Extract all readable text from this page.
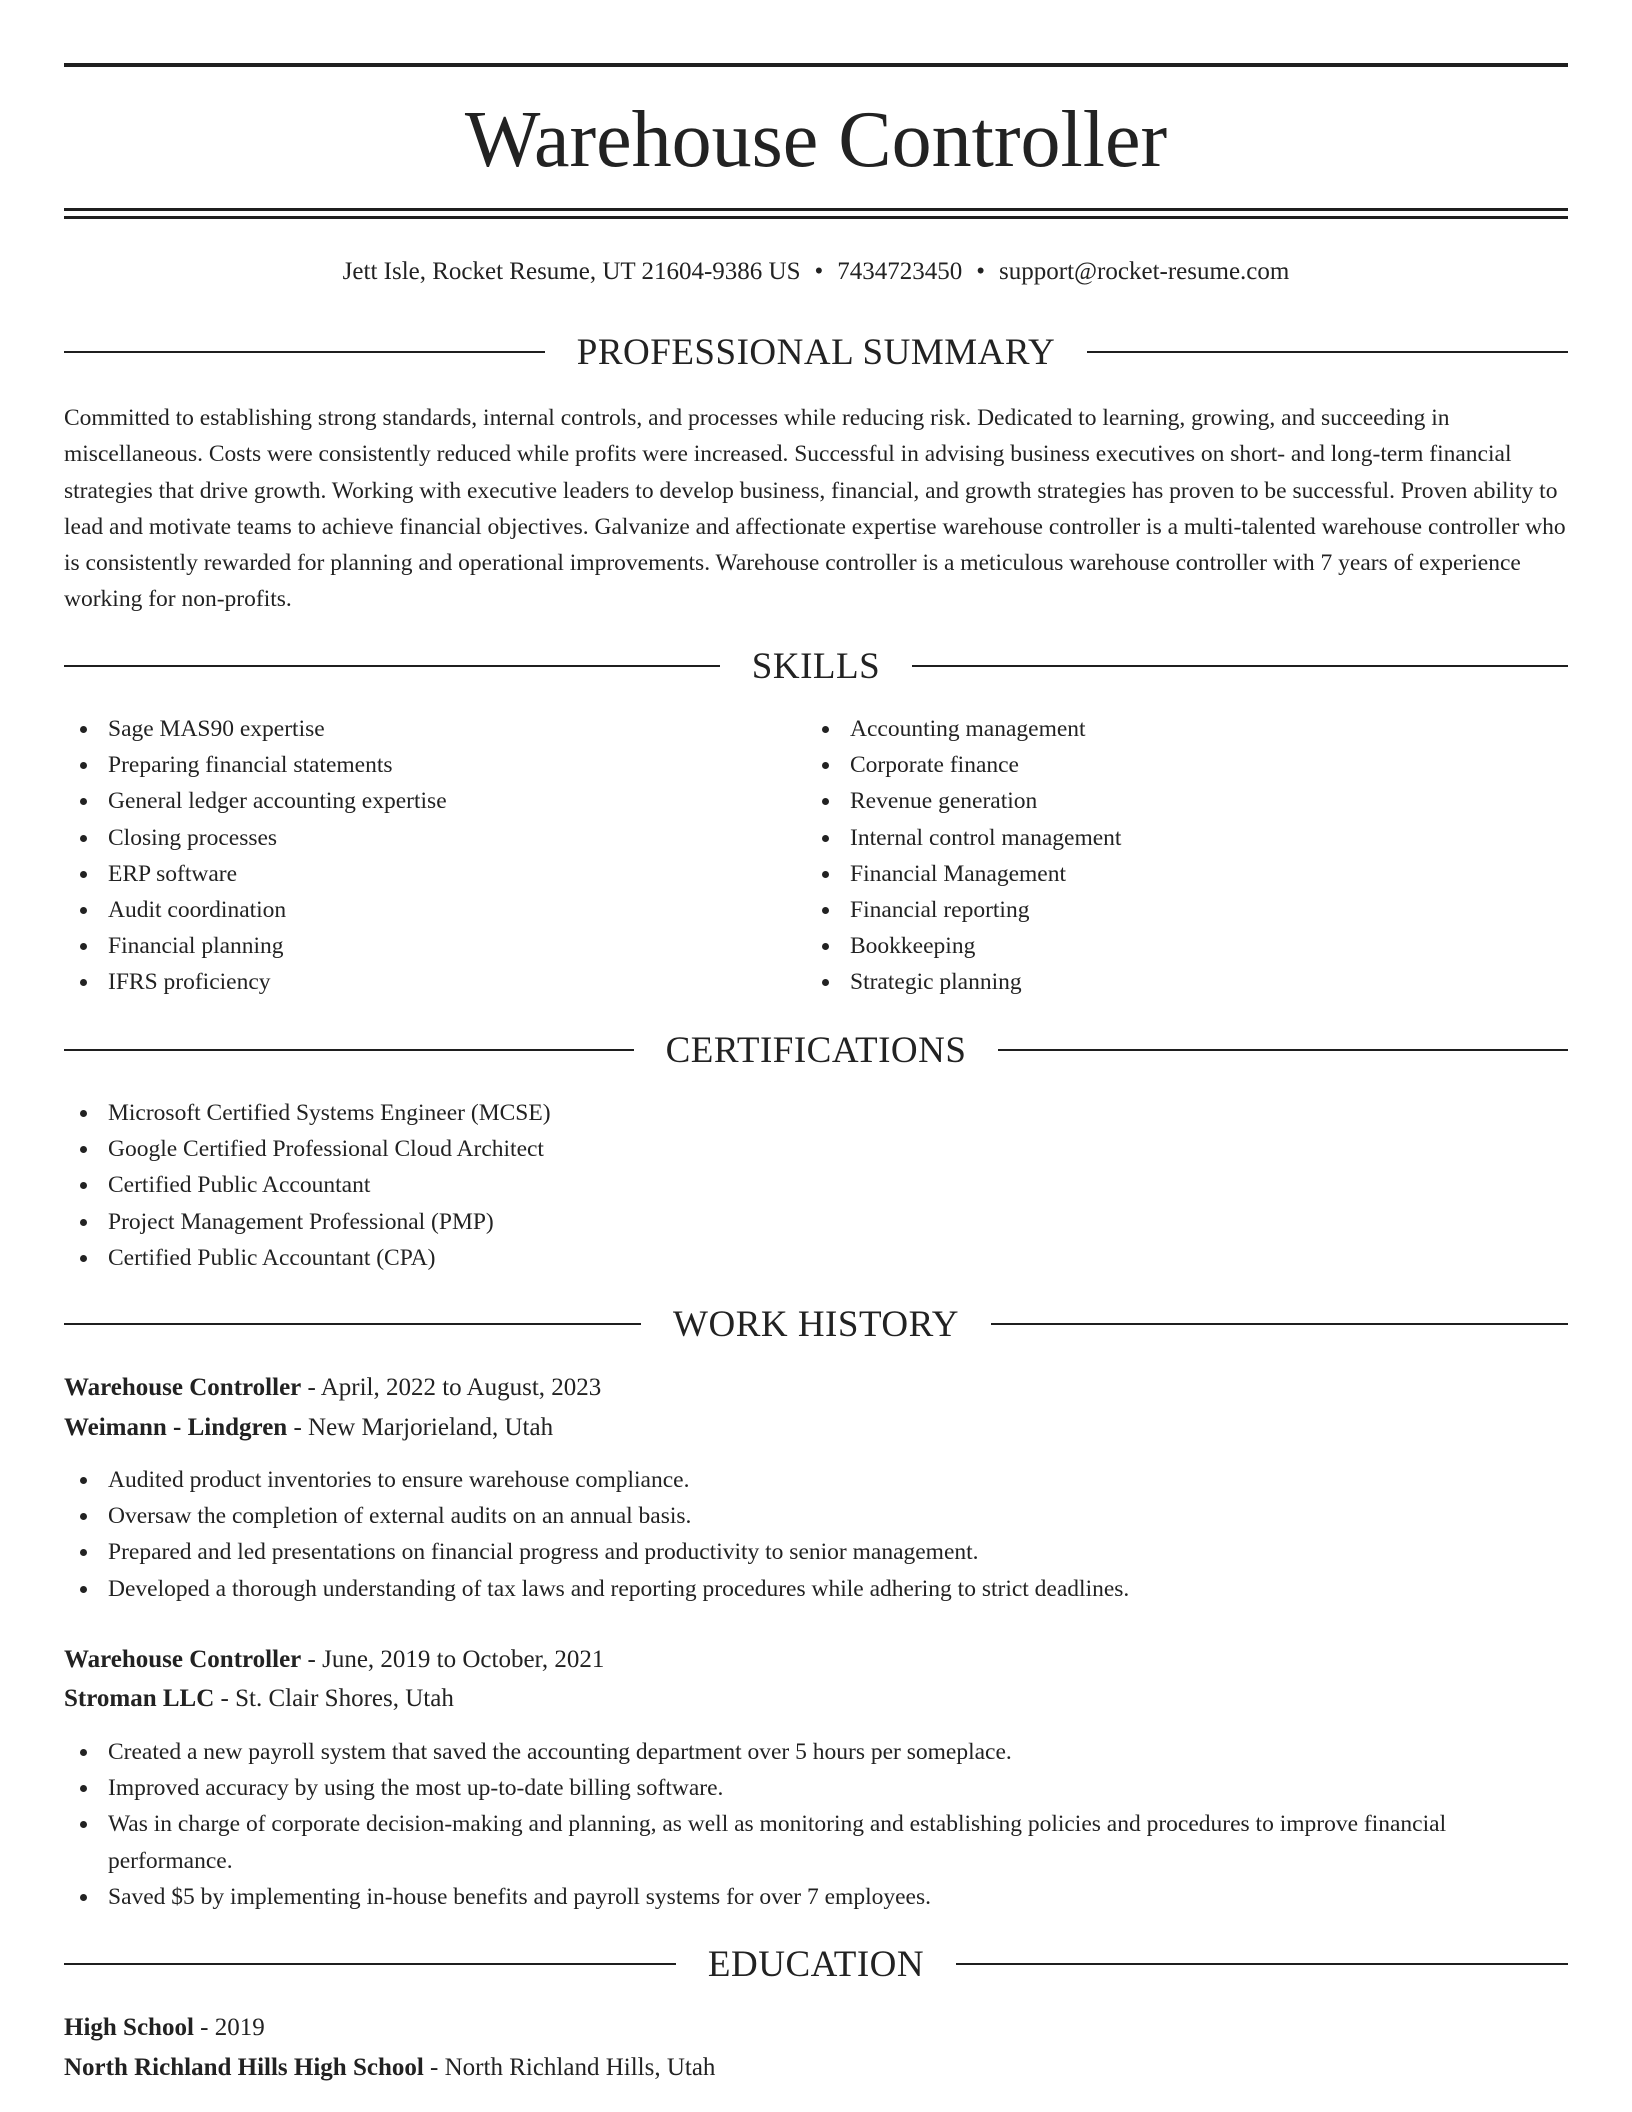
Warehouse Controller
Jett Isle, Rocket Resume, UT 21604-9386 US • 7434723450 • support@rocket-resume.com
PROFESSIONAL SUMMARY

Committed to establishing strong standards, internal controls, and processes while reducing risk. Dedicated to learning, growing, and succeeding in miscellaneous. Costs were consistently reduced while profits were increased. Successful in advising business executives on short- and long-term financial strategies that drive growth. Working with executive leaders to develop business, financial, and growth strategies has proven to be successful. Proven ability to lead and motivate teams to achieve financial objectives. Galvanize and affectionate expertise warehouse controller is a multi-talented warehouse controller who is consistently rewarded for planning and operational improvements. Warehouse controller is a meticulous warehouse controller with 7 years of experience working for non-profits.

SKILLS
Sage MAS90 expertise
Preparing financial statements
General ledger accounting expertise
Closing processes
ERP software
Audit coordination
Financial planning
IFRS proficiency
Accounting management
Corporate finance
Revenue generation
Internal control management
Financial Management
Financial reporting
Bookkeeping
Strategic planning
CERTIFICATIONS
Microsoft Certified Systems Engineer (MCSE)
Google Certified Professional Cloud Architect
Certified Public Accountant
Project Management Professional (PMP)
Certified Public Accountant (CPA)
WORK HISTORY
Warehouse Controller - April, 2022 to August, 2023
Weimann - Lindgren - New Marjorieland, Utah
Audited product inventories to ensure warehouse compliance.
Oversaw the completion of external audits on an annual basis.
Prepared and led presentations on financial progress and productivity to senior management.
Developed a thorough understanding of tax laws and reporting procedures while adhering to strict deadlines.
Warehouse Controller - June, 2019 to October, 2021
Stroman LLC - St. Clair Shores, Utah
Created a new payroll system that saved the accounting department over 5 hours per someplace.
Improved accuracy by using the most up-to-date billing software.
Was in charge of corporate decision-making and planning, as well as monitoring and establishing policies and procedures to improve financial performance.
Saved $5 by implementing in-house benefits and payroll systems for over 7 employees.
EDUCATION
High School - 2019
North Richland Hills High School - North Richland Hills, Utah
